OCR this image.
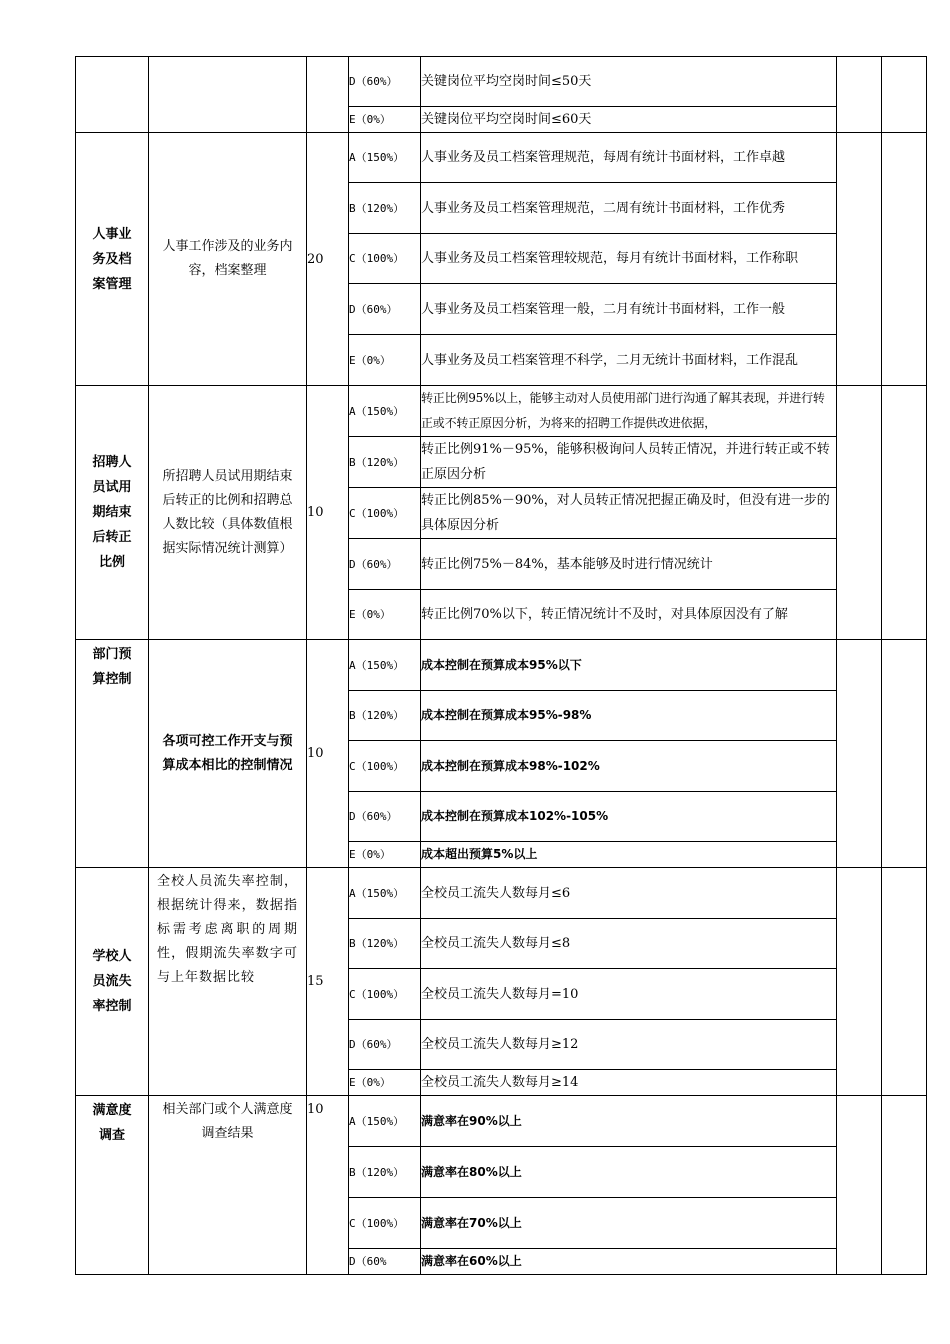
			D（60%）	关键岗位平均空岗时间≤50天		
			E（0%）	关键岗位平均空岗时间≤60天		

人事业务及档案管理	人事工作涉及的业务内容，档案整理	20	A（150%）	人事业务及员工档案管理规范，每周有统计书面材料，工作卓越		
			B（120%）	人事业务及员工档案管理规范，二周有统计书面材料，工作优秀		
			C（100%）	人事业务及员工档案管理较规范，每月有统计书面材料，工作称职		
			D（60%）	人事业务及员工档案管理一般，二月有统计书面材料，工作一般		
			E（0%）	人事业务及员工档案管理不科学，二月无统计书面材料，工作混乱		

招聘人员试用期结束后转正比例	所招聘人员试用期结束后转正的比例和招聘总人数比较（具体数值根据实际情况统计测算）	10	A（150%）	转正比例95%以上，能够主动对人员使用部门进行沟通了解其表现，并进行转正或不转正原因分析，为将来的招聘工作提供改进依据，		
			B（120%）	转正比例91%－95%，能够积极询问人员转正情况，并进行转正或不转正原因分析		
			C（100%）	转正比例85%－90%，对人员转正情况把握正确及时，但没有进一步的具体原因分析		
			D（60%）	转正比例75%－84%，基本能够及时进行情况统计		
			E（0%）	转正比例70%以下，转正情况统计不及时，对具体原因没有了解		

部门预算控制	各项可控工作开支与预算成本相比的控制情况	10	A（150%）	成本控制在预算成本95%以下		
			B（120%）	成本控制在预算成本95%-98%		
			C（100%）	成本控制在预算成本98%-102%		
			D（60%）	成本控制在预算成本102%-105%		
			E（0%）	成本超出预算5%以上		

学校人员流失率控制	全校人员流失率控制，根据统计得来，数据指标需考虑离职的周期性，假期流失率数字可与上年数据比较	15	A（150%）	全校员工流失人数每月≤6		
			B（120%）	全校员工流失人数每月≤8		
			C（100%）	全校员工流失人数每月=10		
			D（60%）	全校员工流失人数每月≥12		
			E（0%）	全校员工流失人数每月≥14		

满意度调查	相关部门或个人满意度调查结果	10	A（150%）	满意率在90%以上		
			B（120%）	满意率在80%以上		
			C（100%）	满意率在70%以上		
			D（60%	满意率在60%以上		
